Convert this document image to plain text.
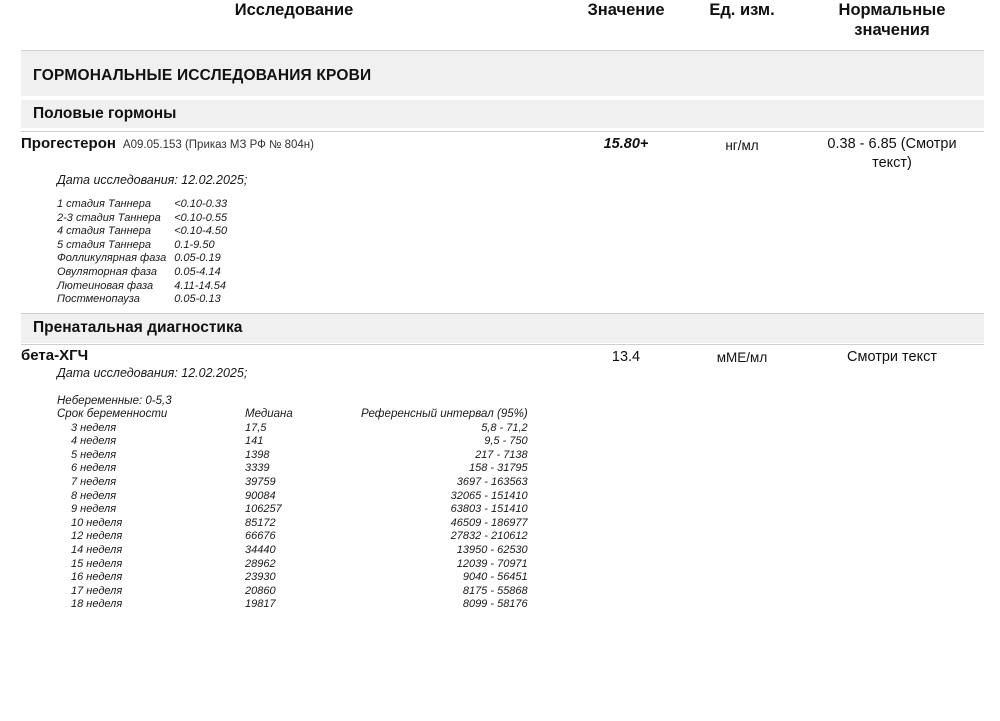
Исследование	Значение	Ед. изм.	Нормальные
значения
ГОРМОНАЛЬНЫЕ ИССЛЕДОВАНИЯ КРОВИ
Половые гормоны
Прогестерон A09.05.153 (Приказ МЗ РФ № 804н)	15.80+	нг/мл	0.38 - 6.85 (Смотри
текст)
Дата исследования: 12.02.2025;
1 стадия Таннера	<0.10-0.33
2-3 стадия Таннера	<0.10-0.55
4 стадия Таннера	<0.10-4.50
5 стадия Таннера	0.1-9.50
Фолликулярная фаза	0.05-0.19
Овуляторная фаза	0.05-4.14
Лютеиновая фаза	4.11-14.54
Постменопауза	0.05-0.13
Пренатальная диагностика
бета-ХГЧ	13.4	мМЕ/мл	Смотри текст
Дата исследования: 12.02.2025;
Небеременные: 0-5,3
Срок беременности	Медиана	Референсный интервал (95%)
3 неделя	17,5	5,8 - 71,2
4 неделя	141	9,5 - 750
5 неделя	1398	217 - 7138
6 неделя	3339	158 - 31795
7 неделя	39759	3697 - 163563
8 неделя	90084	32065 - 151410
9 неделя	106257	63803 - 151410
10 неделя	85172	46509 - 186977
12 неделя	66676	27832 - 210612
14 неделя	34440	13950 - 62530
15 неделя	28962	12039 - 70971
16 неделя	23930	9040 - 56451
17 неделя	20860	8175 - 55868
18 неделя	19817	8099 - 58176
